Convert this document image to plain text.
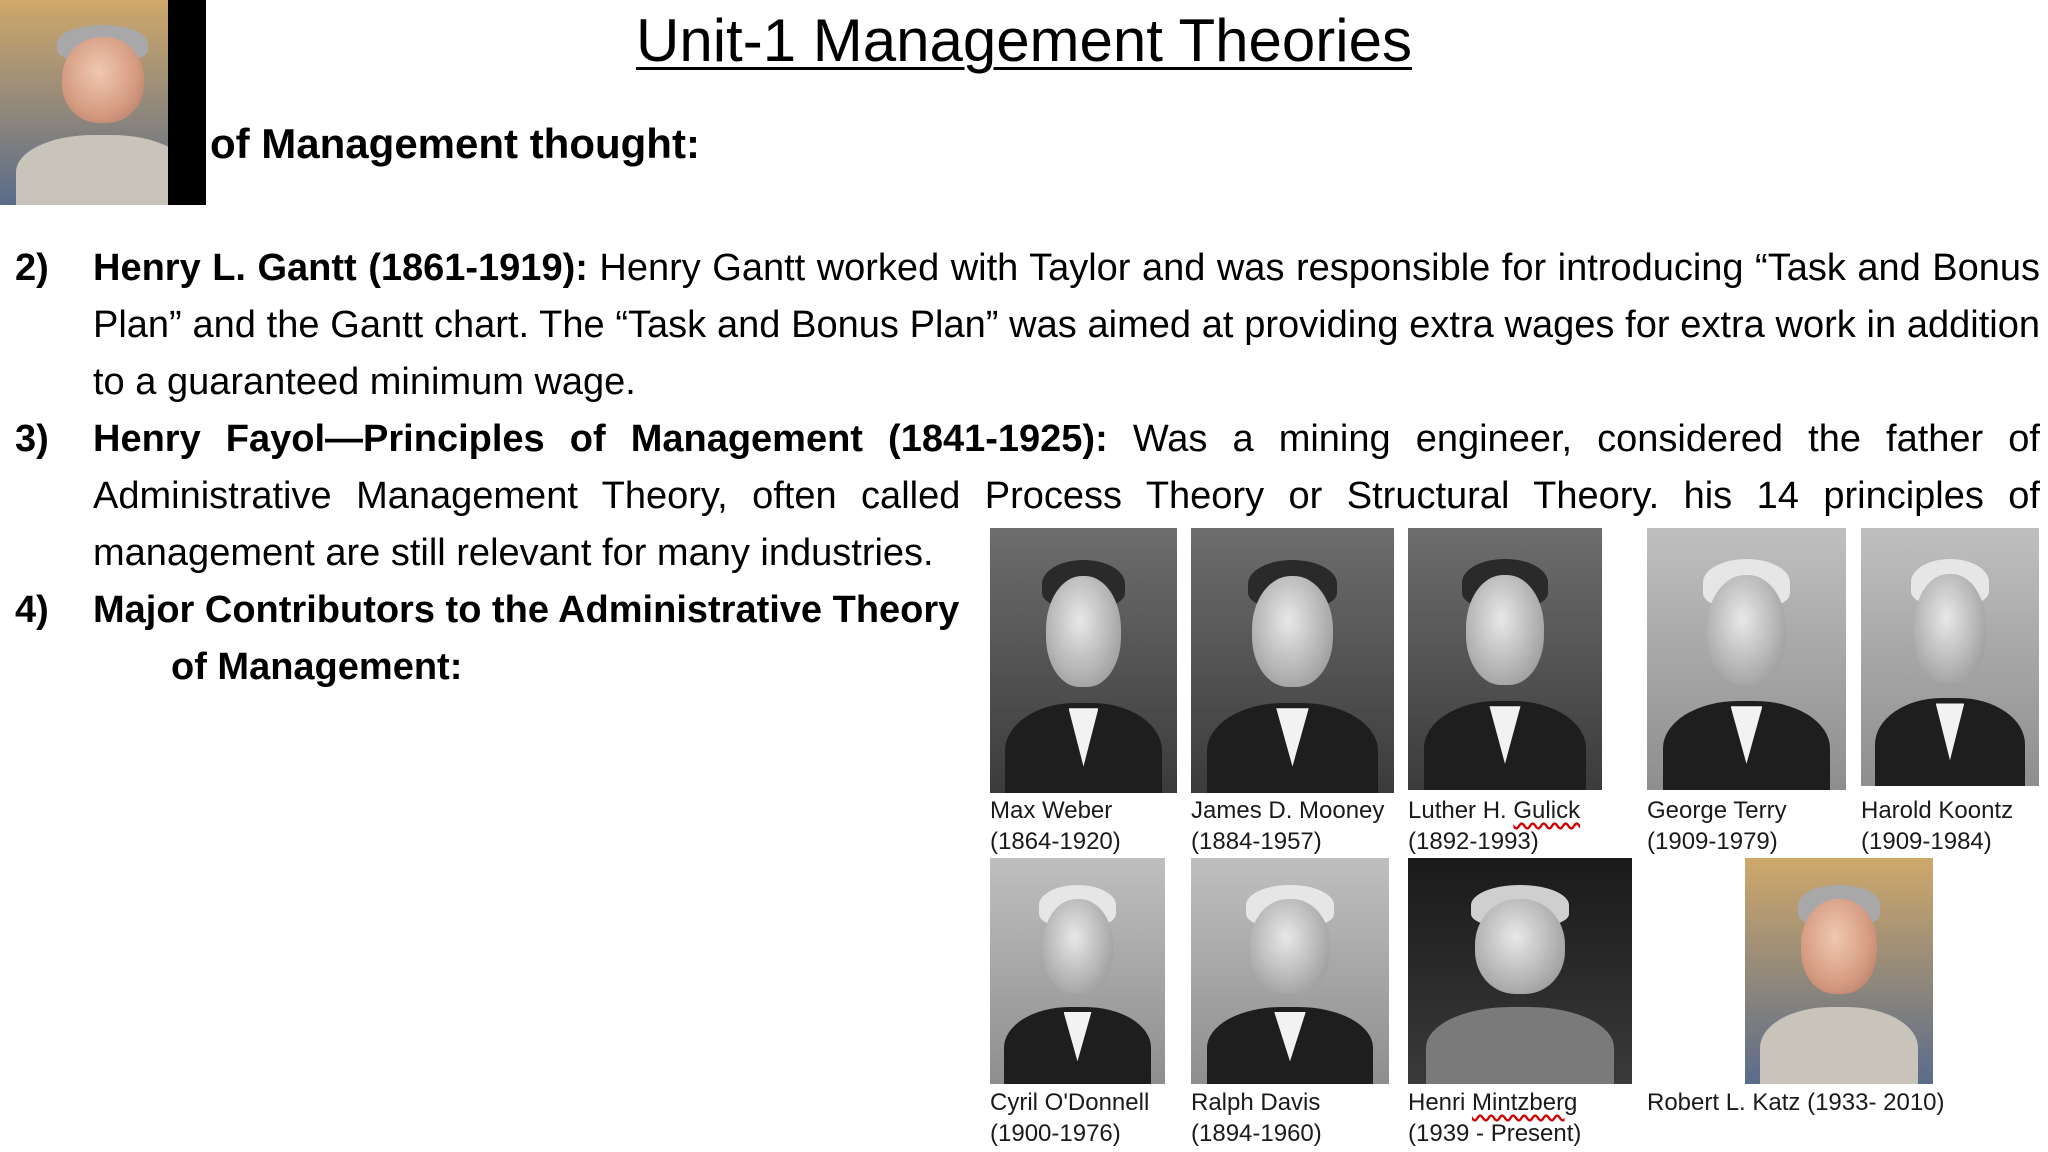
Unit-1 Management Theories
of Management thought:
2)	Henry L. Gantt (1861-1919): Henry Gantt worked with Taylor and was responsible for introducing “Task and Bonus Plan” and the Gantt chart. The “Task and Bonus Plan” was aimed at providing extra wages for extra work in addition to a guaranteed minimum wage.
3)	Henry Fayol—Principles of Management (1841-1925): Was a mining engineer, considered the father of Administrative Management Theory, often called Process Theory or Structural Theory. his 14 principles of management are still relevant for many industries.
4)	Major Contributors to the Administrative Theory
of Management:
Max Weber
(1864-1920)
James D. Mooney
(1884-1957)
Luther H. Gulick
(1892-1993)
George Terry
(1909-1979)
Harold Koontz
(1909-1984)
Cyril O'Donnell
(1900-1976)
Ralph Davis
(1894-1960)
Henri Mintzberg
(1939 - Present)
Robert L. Katz (1933- 2010)
